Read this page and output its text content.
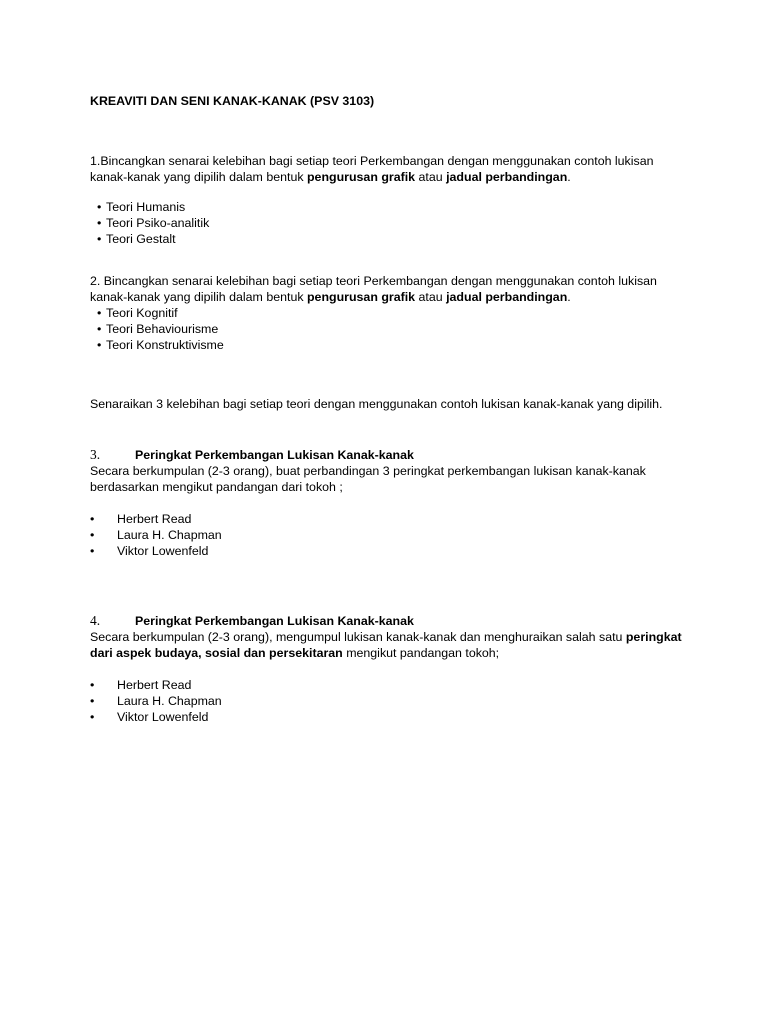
KREAVITI DAN SENI KANAK-KANAK (PSV 3103)

1.Bincangkan senarai kelebihan bagi setiap teori Perkembangan dengan menggunakan contoh lukisan kanak-kanak yang dipilih dalam bentuk pengurusan grafik atau jadual perbandingan.

• Teori Humanis
• Teori Psiko-analitik
• Teori Gestalt

2. Bincangkan senarai kelebihan bagi setiap teori Perkembangan dengan menggunakan contoh lukisan kanak-kanak yang dipilih dalam bentuk pengurusan grafik atau jadual perbandingan.

• Teori Kognitif
• Teori Behaviourisme
• Teori Konstruktivisme

Senaraikan 3 kelebihan bagi setiap teori dengan menggunakan contoh lukisan kanak-kanak yang dipilih.

3.	Peringkat Perkembangan Lukisan Kanak-kanak

Secara berkumpulan (2-3 orang), buat perbandingan 3 peringkat perkembangan lukisan kanak-kanak berdasarkan mengikut pandangan dari tokoh ;

• Herbert Read
• Laura H. Chapman
• Viktor Lowenfeld
4.	Peringkat Perkembangan Lukisan Kanak-kanak

Secara berkumpulan (2-3 orang), mengumpul lukisan kanak-kanak dan menghuraikan salah satu peringkat dari aspek budaya, sosial dan persekitaran mengikut pandangan tokoh;

• Herbert Read
• Laura H. Chapman
• Viktor Lowenfeld
